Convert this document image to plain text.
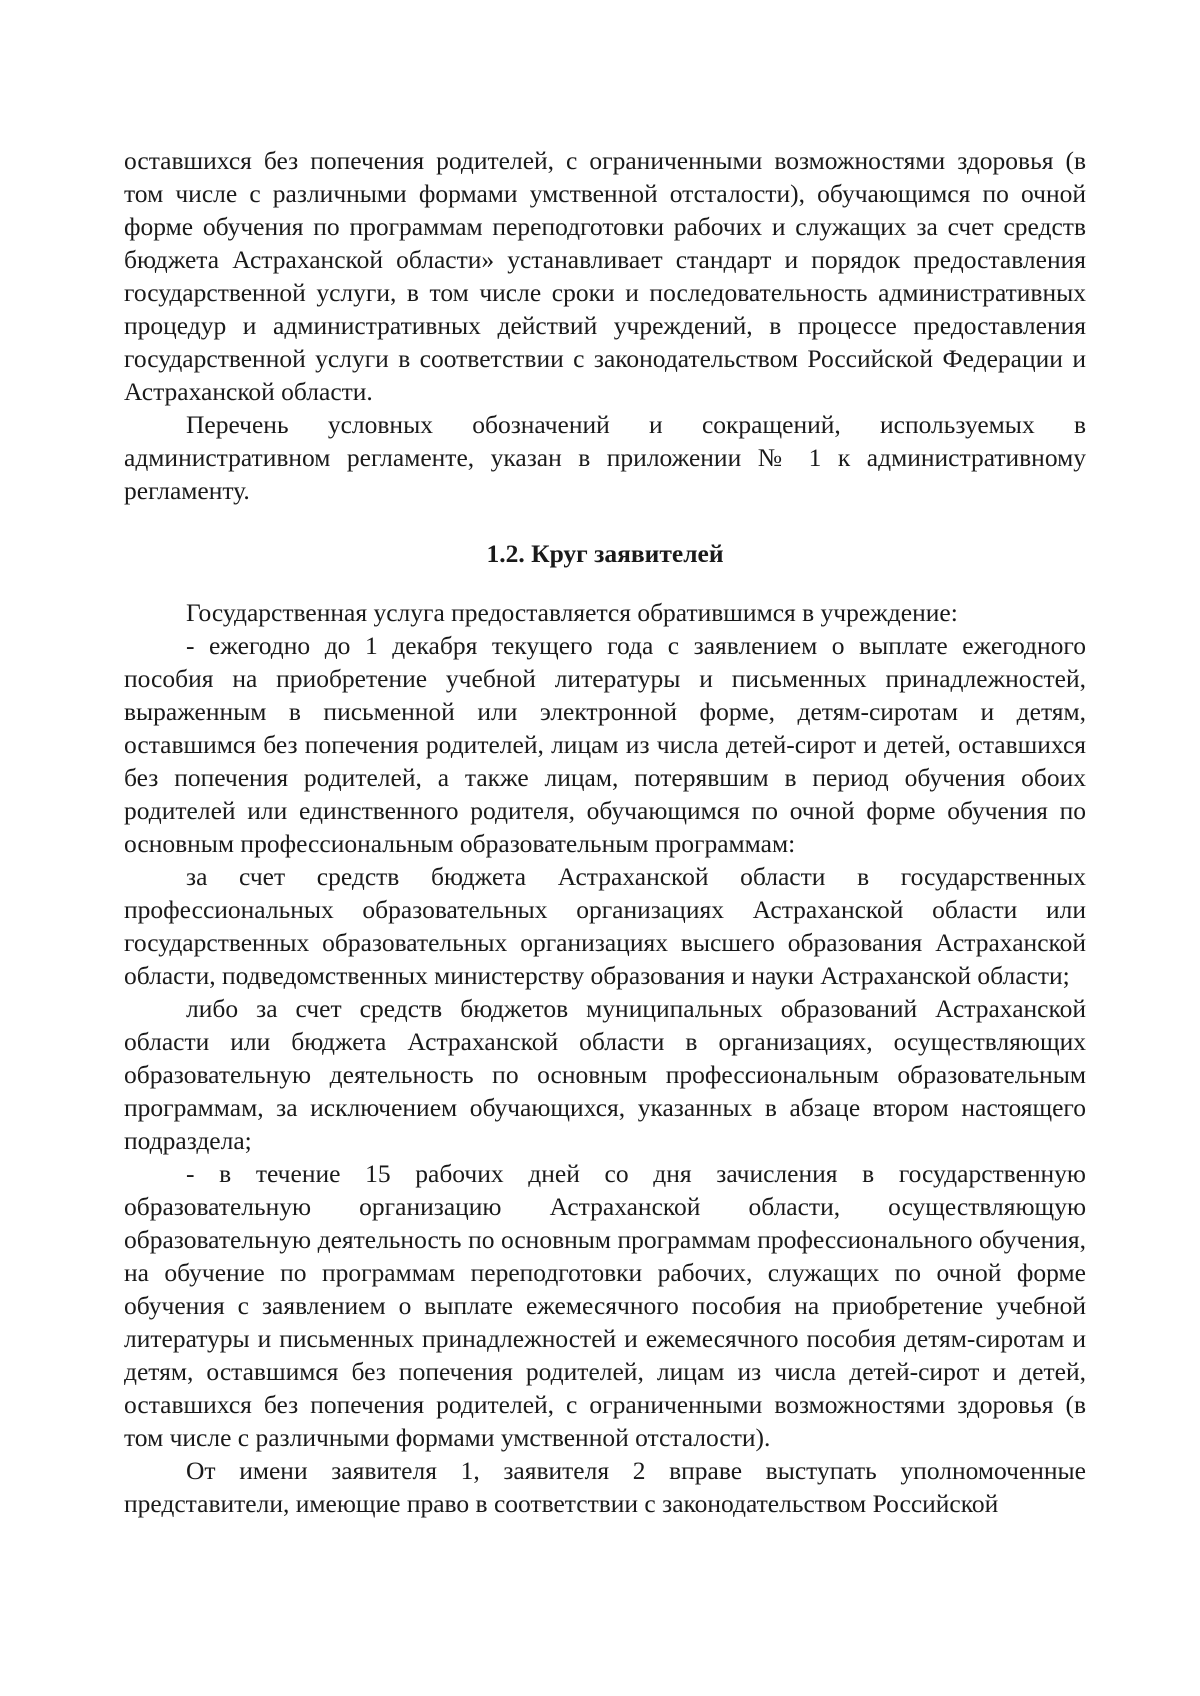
оставшихся без попечения родителей, с ограниченными возможностями здоровья (в том числе с различными формами умственной отсталости), обучающимся по очной форме обучения по программам переподготовки рабочих и служащих за счет средств бюджета Астраханской области» устанавливает стандарт и порядок предоставления государственной услуги, в том числе сроки и последовательность административных процедур и административных действий учреждений, в процессе предоставления государственной услуги в соответствии с законодательством Российской Федерации и Астраханской области.

Перечень условных обозначений и сокращений, используемых в административном регламенте, указан в приложении № 1 к административному регламенту.

1.2. Круг заявителей

Государственная услуга предоставляется обратившимся в учреждение:

- ежегодно до 1 декабря текущего года с заявлением о выплате ежегодного пособия на приобретение учебной литературы и письменных принадлежностей, выраженным в письменной или электронной форме, детям-сиротам и детям, оставшимся без попечения родителей, лицам из числа детей-сирот и детей, оставшихся без попечения родителей, а также лицам, потерявшим в период обучения обоих родителей или единственного родителя, обучающимся по очной форме обучения по основным профессиональным образовательным программам:

за счет средств бюджета Астраханской области в государственных профессиональных образовательных организациях Астраханской области или государственных образовательных организациях высшего образования Астраханской области, подведомственных министерству образования и науки Астраханской области;

либо за счет средств бюджетов муниципальных образований Астраханской области или бюджета Астраханской области в организациях, осуществляющих образовательную деятельность по основным профессиональным образовательным программам, за исключением обучающихся, указанных в абзаце втором настоящего подраздела;

- в течение 15 рабочих дней со дня зачисления в государственную образовательную организацию Астраханской области, осуществляющую образовательную деятельность по основным программам профессионального обучения, на обучение по программам переподготовки рабочих, служащих по очной форме обучения с заявлением о выплате ежемесячного пособия на приобретение учебной литературы и письменных принадлежностей и ежемесячного пособия детям-сиротам и детям, оставшимся без попечения родителей, лицам из числа детей-сирот и детей, оставшихся без попечения родителей, с ограниченными возможностями здоровья (в том числе с различными формами умственной отсталости).

От имени заявителя 1, заявителя 2 вправе выступать уполномоченные представители, имеющие право в соответствии с законодательством Российской
